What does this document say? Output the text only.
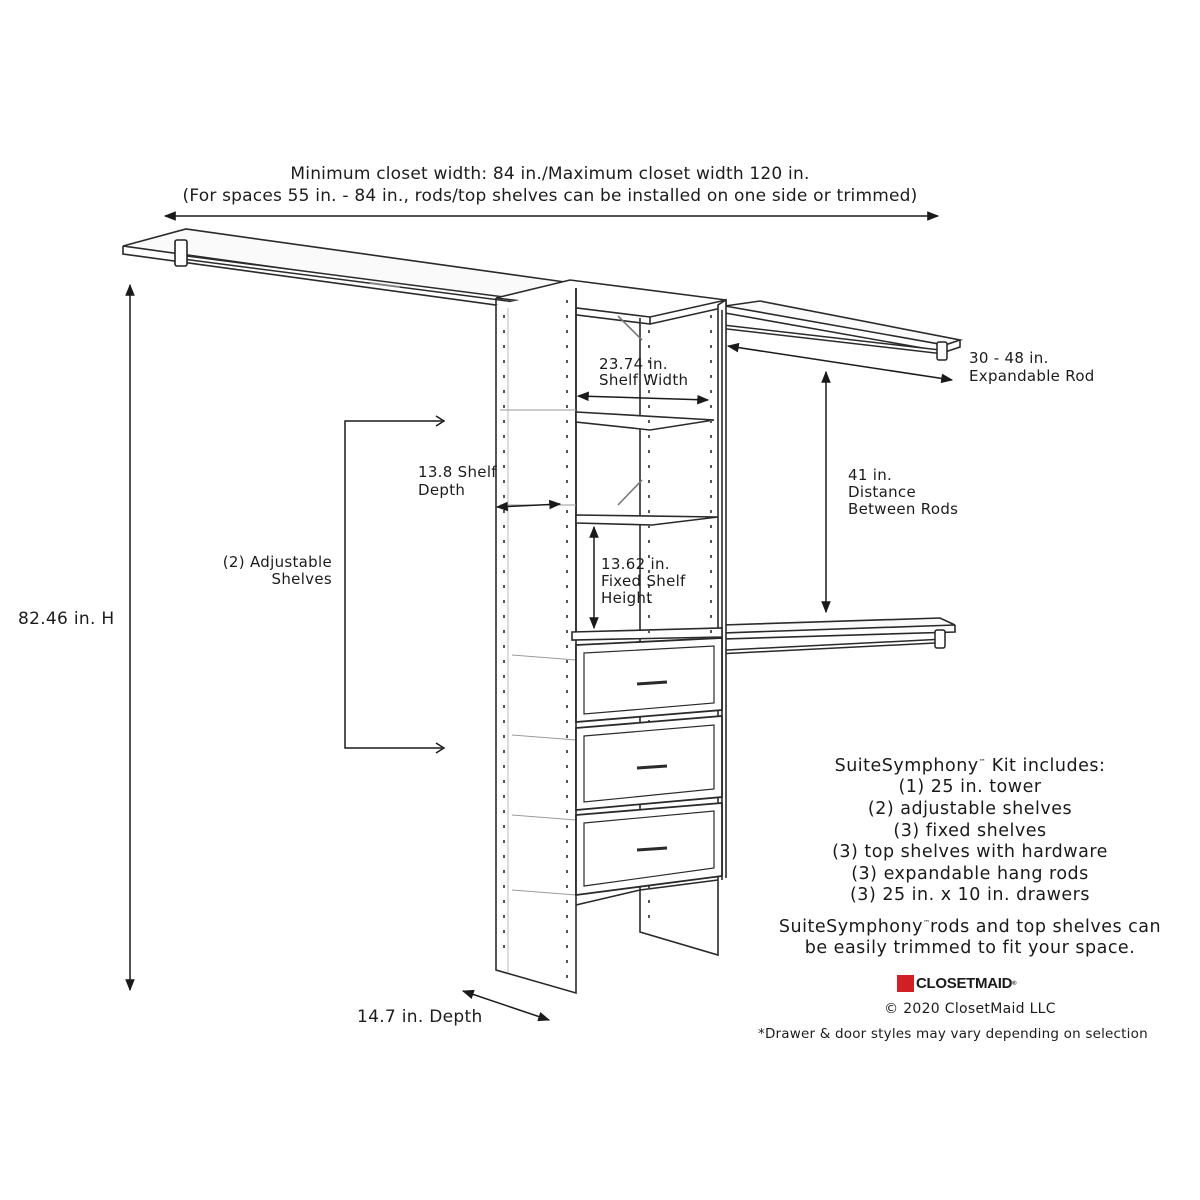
Minimum closet width: 84 in./Maximum closet width 120 in.
(For spaces 55 in. - 84 in., rods/top shelves can be installed on one side or trimmed)
23.74 in.
Shelf Width
30 - 48 in.
Expandable Rod
13.8 Shelf
Depth
41 in.
Distance
Between Rods
(2) Adjustable
Shelves
13.62 in.
Fixed Shelf
Height
82.46 in. H
14.7 in. Depth
SuiteSymphony™ Kit includes:
(1) 25 in. tower
(2) adjustable shelves
(3) fixed shelves
(3) top shelves with hardware
(3) expandable hang rods
(3) 25 in. x 10 in. drawers
SuiteSymphony™rods and top shelves can
be easily trimmed to fit your space.
CLOSETMAID ®
© 2020 ClosetMaid LLC
*Drawer & door styles may vary depending on selection
